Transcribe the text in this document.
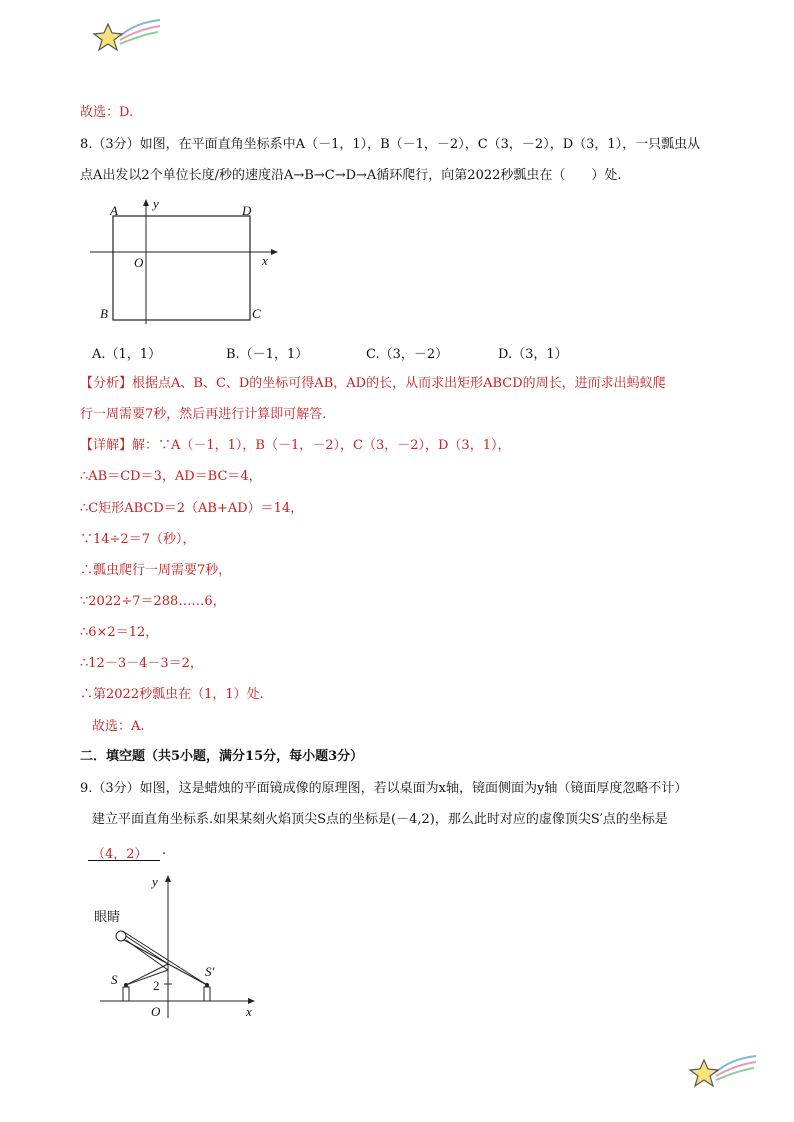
故选：D.
8.（3分）如图，在平面直角坐标系中A（－1，1），B（－1，－2），C（3，－2），D（3，1），一只瓢虫从
点A出发以2个单位长度/秒的速度沿A→B→C→D→A循环爬行，向第2022秒瓢虫在（　　）处.
A	D
B	C
O	x
y
A.（1，1）	B.（－1，1）	C.（3，－2）	D.（3，1）
【分析】根据点A、B、C、D的坐标可得AB，AD的长，从而求出矩形ABCD的周长，进而求出蚂蚁爬
行一周需要7秒，然后再进行计算即可解答.
【详解】解：∵A（－1，1），B（－1，－2），C（3，－2），D（3，1），
∴AB＝CD＝3，AD＝BC＝4，
∴C矩形ABCD＝2（AB+AD）＝14，
∵14÷2＝7（秒），
∴瓢虫爬行一周需要7秒，
∵2022÷7＝288……6，
∴6×2＝12，
∴12－3－4－3＝2，
∴第2022秒瓢虫在（1，1）处.
故选：A.
二．填空题（共5小题，满分15分，每小题3分）
9.（3分）如图，这是蜡烛的平面镜成像的原理图，若以桌面为x轴，镜面侧面为y轴（镜面厚度忽略不计）
建立平面直角坐标系.如果某刻火焰顶尖S点的坐标是(－4,2)，那么此时对应的虚像顶尖S′点的坐标是
（4，2） .
眼睛
S
S′
2
O	x
y
